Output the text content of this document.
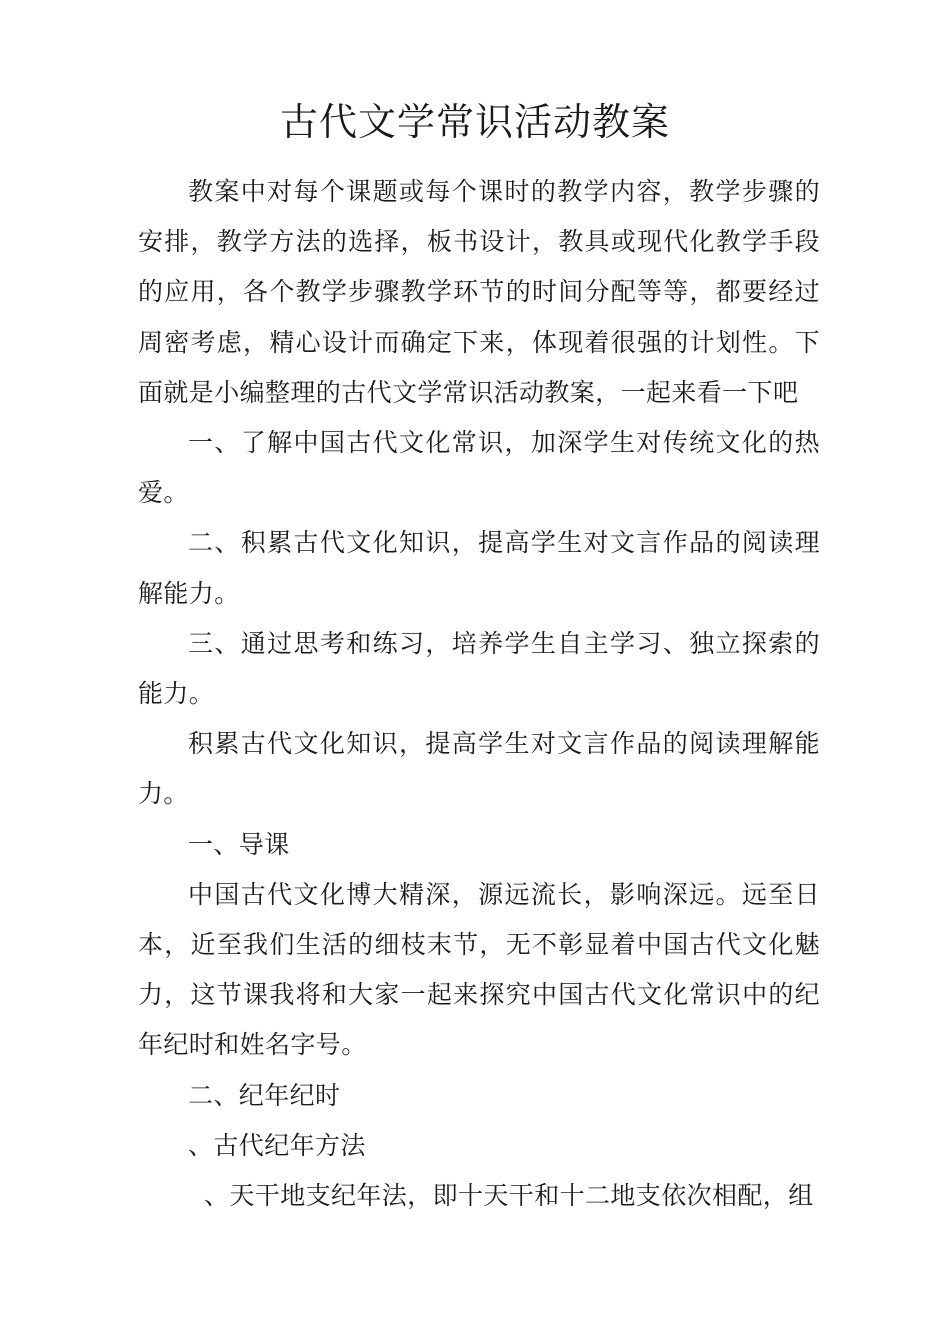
古代文学常识活动教案

教案中对每个课题或每个课时的教学内容，教学步骤的安排，教学方法的选择，板书设计，教具或现代化教学手段的应用，各个教学步骤教学环节的时间分配等等，都要经过周密考虑，精心设计而确定下来，体现着很强的计划性。下面就是小编整理的古代文学常识活动教案，一起来看一下吧

一、了解中国古代文化常识，加深学生对传统文化的热爱。

二、积累古代文化知识，提高学生对文言作品的阅读理解能力。

三、通过思考和练习，培养学生自主学习、独立探索的能力。

积累古代文化知识，提高学生对文言作品的阅读理解能力。

一、导课

中国古代文化博大精深，源远流长，影响深远。远至日本，近至我们生活的细枝末节，无不彰显着中国古代文化魅力，这节课我将和大家一起来探究中国古代文化常识中的纪年纪时和姓名字号。

二、纪年纪时

、古代纪年方法

、天干地支纪年法，即十天干和十二地支依次相配，组
